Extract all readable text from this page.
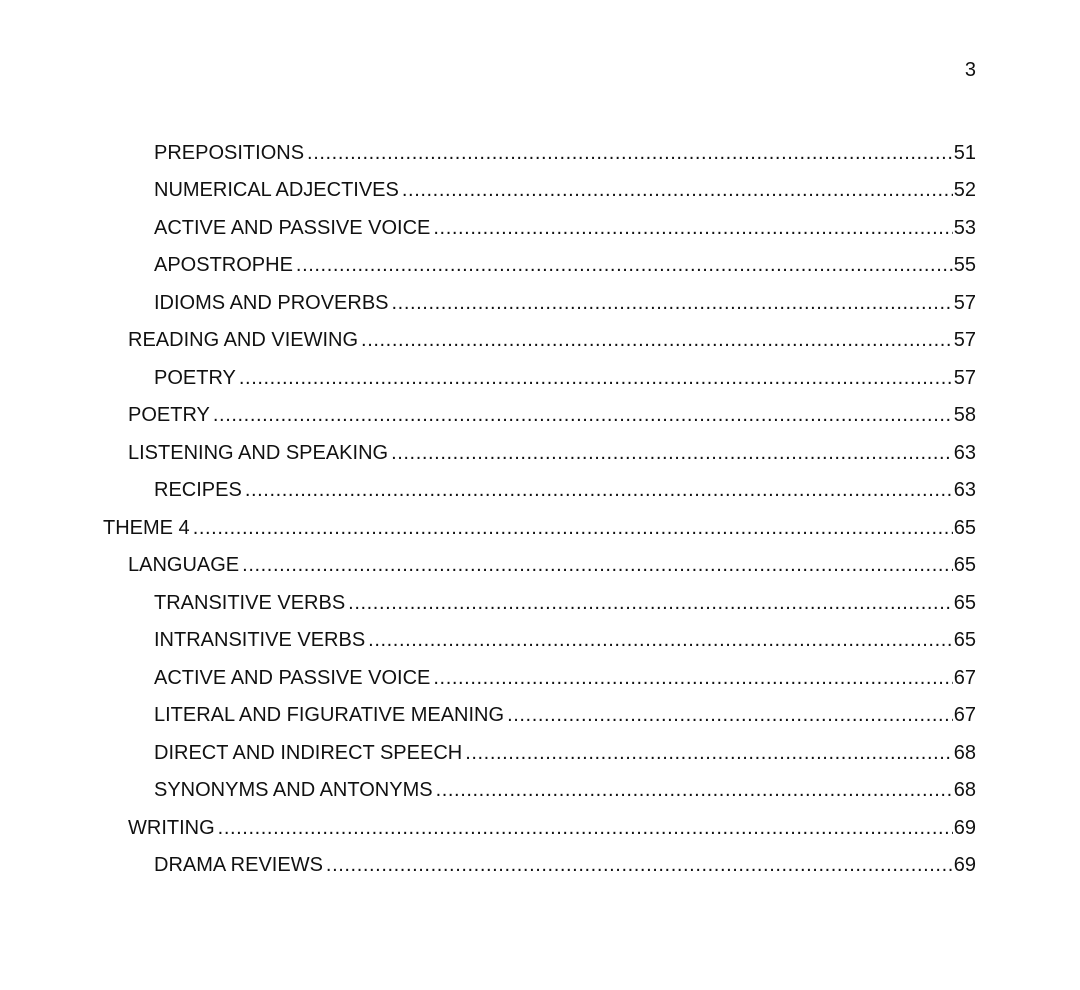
3
PREPOSITIONS .....	51
NUMERICAL ADJECTIVES .....	52
ACTIVE AND PASSIVE VOICE .....	53
APOSTROPHE .....	55
IDIOMS AND PROVERBS .....	57
READING AND VIEWING .....	57
POETRY .....	57
POETRY .....	58
LISTENING AND SPEAKING .....	63
RECIPES .....	63
THEME 4 .....	65
LANGUAGE .....	65
TRANSITIVE VERBS .....	65
INTRANSITIVE VERBS .....	65
ACTIVE AND PASSIVE VOICE .....	67
LITERAL AND FIGURATIVE MEANING .....	67
DIRECT AND INDIRECT SPEECH .....	68
SYNONYMS AND ANTONYMS .....	68
WRITING .....	69
DRAMA REVIEWS .....	69
